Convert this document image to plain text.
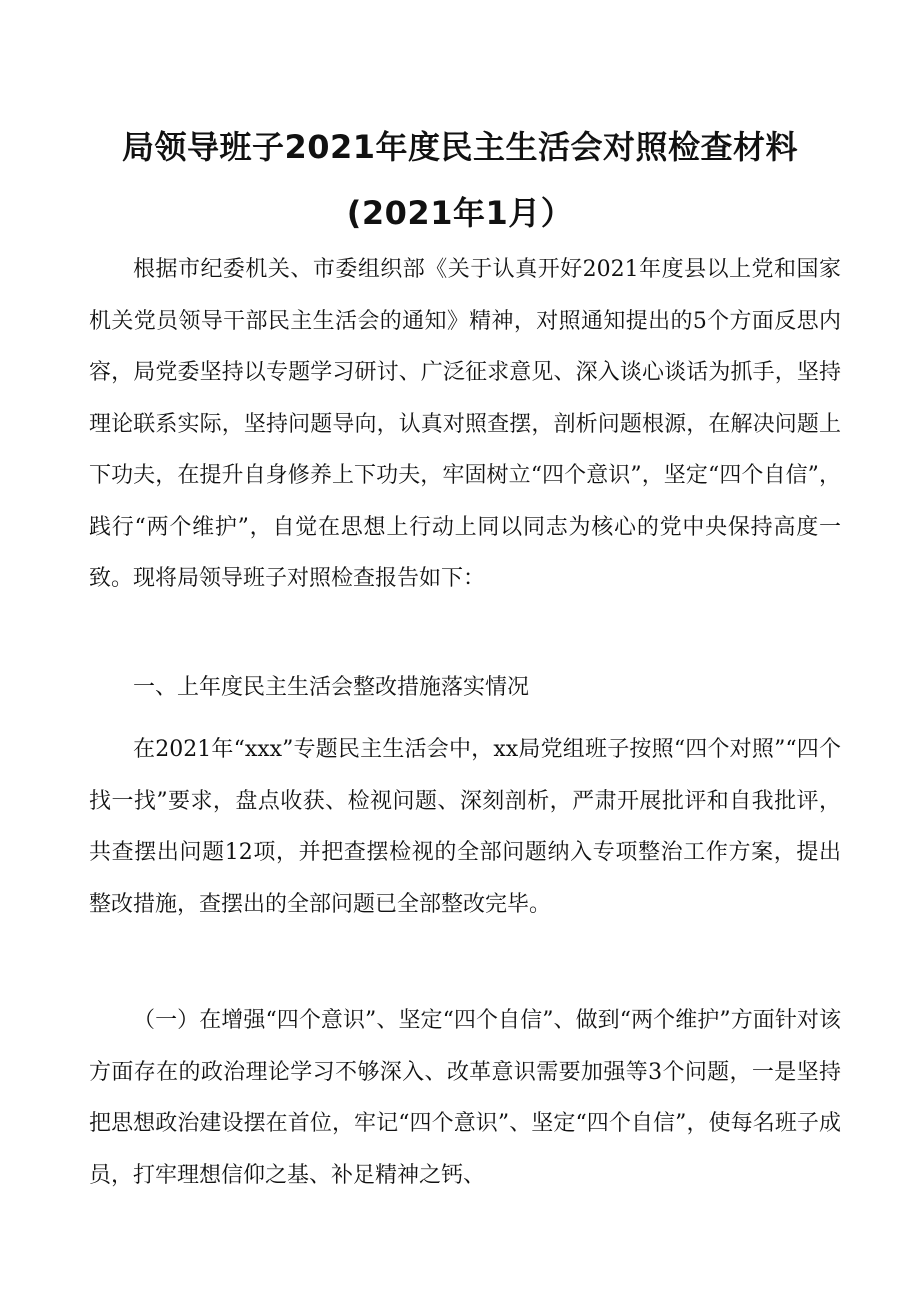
局领导班子2021年度民主生活会对照检查材料
(2021年1月）

根据市纪委机关、市委组织部《关于认真开好2021年度县以上党和国家机关党员领导干部民主生活会的通知》精神，对照通知提出的5个方面反思内容，局党委坚持以专题学习研讨、广泛征求意见、深入谈心谈话为抓手，坚持理论联系实际，坚持问题导向，认真对照查摆，剖析问题根源，在解决问题上下功夫，在提升自身修养上下功夫，牢固树立“四个意识”，坚定“四个自信”，践行“两个维护”，自觉在思想上行动上同以同志为核心的党中央保持高度一致。现将局领导班子对照检查报告如下：

一、上年度民主生活会整改措施落实情况

在2021年“xxx”专题民主生活会中，xx局党组班子按照“四个对照”“四个找一找”要求，盘点收获、检视问题、深刻剖析，严肃开展批评和自我批评，共查摆出问题12项，并把查摆检视的全部问题纳入专项整治工作方案，提出整改措施，查摆出的全部问题已全部整改完毕。

（一）在增强“四个意识”、坚定“四个自信”、做到“两个维护”方面针对该方面存在的政治理论学习不够深入、改革意识需要加强等3个问题，一是坚持把思想政治建设摆在首位，牢记“四个意识”、坚定“四个自信”，使每名班子成员，打牢理想信仰之基、补足精神之钙、
